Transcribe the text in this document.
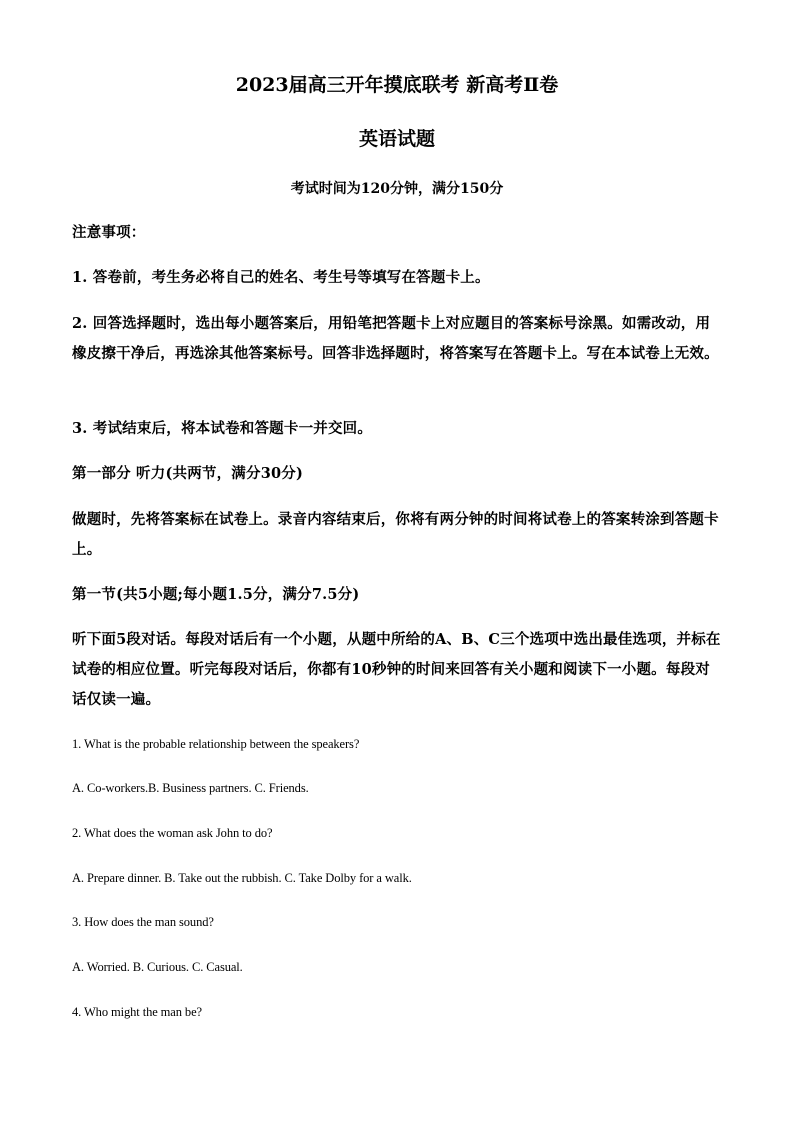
2023届高三开年摸底联考 新高考Ⅱ卷
英语试题
考试时间为120分钟，满分150分
注意事项：
1. 答卷前，考生务必将自己的姓名、考生号等填写在答题卡上。
2. 回答选择题时，选出每小题答案后，用铅笔把答题卡上对应题目的答案标号涂黑。如需改动，用橡皮擦干净后，再选涂其他答案标号。回答非选择题时，将答案写在答题卡上。写在本试卷上无效。
3. 考试结束后，将本试卷和答题卡一并交回。
第一部分 听力(共两节，满分30分)
做题时，先将答案标在试卷上。录音内容结束后，你将有两分钟的时间将试卷上的答案转涂到答题卡上。
第一节(共5小题;每小题1.5分，满分7.5分)
听下面5段对话。每段对话后有一个小题，从题中所给的A、B、C三个选项中选出最佳选项，并标在试卷的相应位置。听完每段对话后，你都有10秒钟的时间来回答有关小题和阅读下一小题。每段对话仅读一遍。
1. What is the probable relationship between the speakers?
A. Co-workers.B. Business partners. C. Friends.
2. What does the woman ask John to do?
A. Prepare dinner. B. Take out the rubbish. C. Take Dolby for a walk.
3. How does the man sound?
A. Worried. B. Curious. C. Casual.
4. Who might the man be?
